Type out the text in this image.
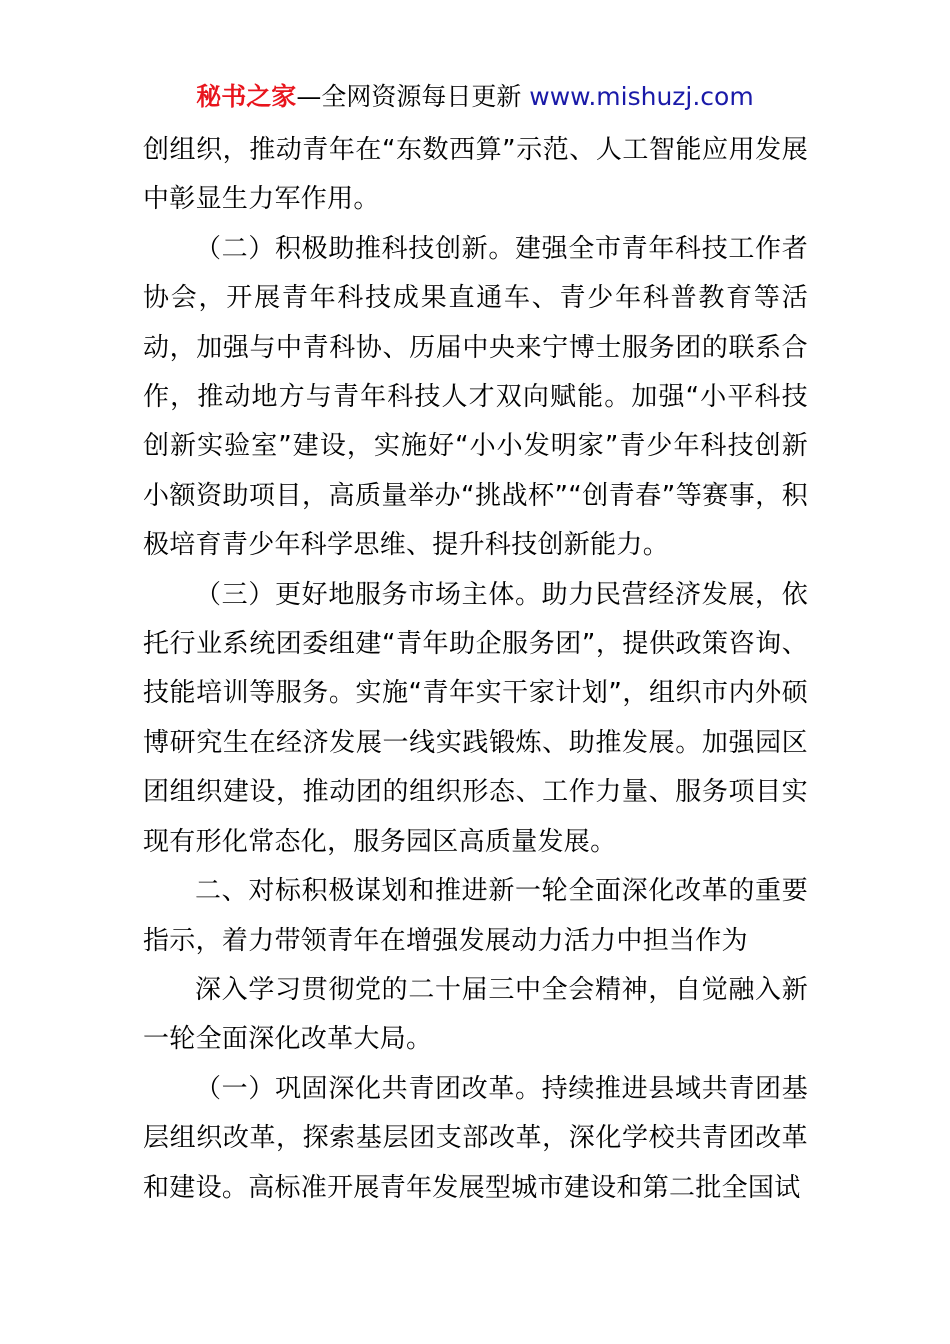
秘书之家—全网资源每日更新 www.mishuzj.com

创组织，推动青年在“东数西算”示范、人工智能应用发展中彰显生力军作用。

（二）积极助推科技创新。建强全市青年科技工作者协会，开展青年科技成果直通车、青少年科普教育等活动，加强与中青科协、历届中央来宁博士服务团的联系合作，推动地方与青年科技人才双向赋能。加强“小平科技创新实验室”建设，实施好“小小发明家”青少年科技创新小额资助项目，高质量举办“挑战杯”“创青春”等赛事，积极培育青少年科学思维、提升科技创新能力。

（三）更好地服务市场主体。助力民营经济发展，依托行业系统团委组建“青年助企服务团”，提供政策咨询、技能培训等服务。实施“青年实干家计划”，组织市内外硕博研究生在经济发展一线实践锻炼、助推发展。加强园区团组织建设，推动团的组织形态、工作力量、服务项目实现有形化常态化，服务园区高质量发展。

二、对标积极谋划和推进新一轮全面深化改革的重要指示，着力带领青年在增强发展动力活力中担当作为

深入学习贯彻党的二十届三中全会精神，自觉融入新一轮全面深化改革大局。

（一）巩固深化共青团改革。持续推进县域共青团基层组织改革，探索基层团支部改革，深化学校共青团改革和建设。高标准开展青年发展型城市建设和第二批全国试
